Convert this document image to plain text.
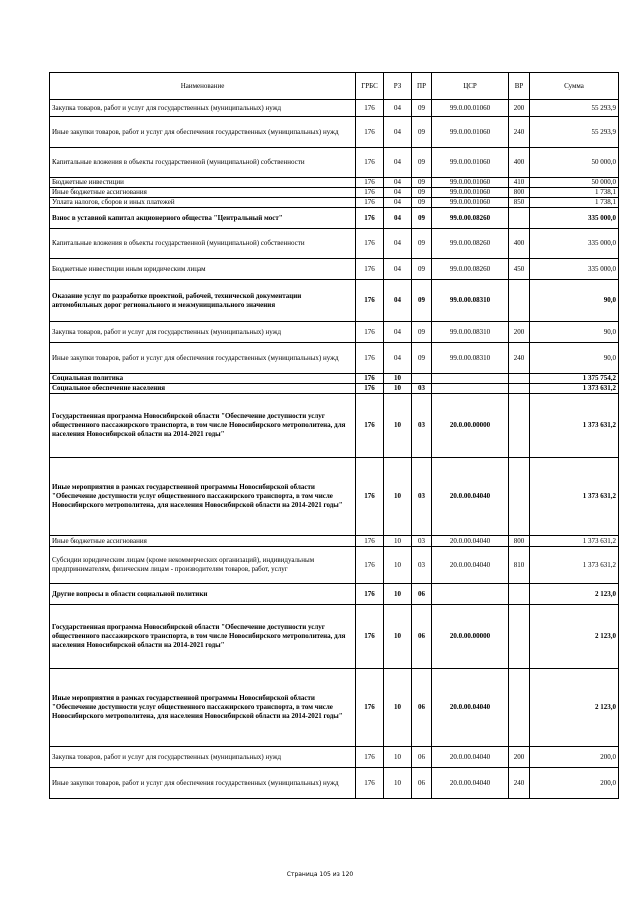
Наименование	ГРБС	РЗ	ПР	ЦСР	ВР	Сумма
Закупка товаров, работ и услуг для государственных (муниципальных) нужд	176	04	09	99.0.00.01060	200	55 293,9
Иные закупки товаров, работ и услуг для обеспечения государственных (муниципальных) нужд	176	04	09	99.0.00.01060	240	55 293,9
Капитальные вложения в объекты государственной (муниципальной) собственности	176	04	09	99.0.00.01060	400	50 000,0
Бюджетные инвестиции	176	04	09	99.0.00.01060	410	50 000,0
Иные бюджетные ассигнования	176	04	09	99.0.00.01060	800	1 738,1
Уплата налогов, сборов и иных платежей	176	04	09	99.0.00.01060	850	1 738,1
Взнос в уставной капитал акционерного общества "Центральный мост"	176	04	09	99.0.00.08260		335 000,0
Капитальные вложения в объекты государственной (муниципальной) собственности	176	04	09	99.0.00.08260	400	335 000,0
Бюджетные инвестиции иным юридическим лицам	176	04	09	99.0.00.08260	450	335 000,0
Оказание услуг по разработке проектной, рабочей, технической документации автомобильных дорог регионального и межмуниципального значения	176	04	09	99.0.00.08310		90,0
Закупка товаров, работ и услуг для государственных (муниципальных) нужд	176	04	09	99.0.00.08310	200	90,0
Иные закупки товаров, работ и услуг для обеспечения государственных (муниципальных) нужд	176	04	09	99.0.00.08310	240	90,0
Социальная политика	176	10				1 375 754,2
Социальное обеспечение населения	176	10	03			1 373 631,2
Государственная программа Новосибирской области "Обеспечение доступности услуг общественного пассажирского транспорта, в том числе Новосибирского метрополитена, для населения Новосибирской области на 2014-2021 годы"	176	10	03	20.0.00.00000		1 373 631,2
Иные мероприятия в рамках государственной программы Новосибирской области "Обеспечение доступности услуг общественного пассажирского транспорта, в том числе Новосибирского метрополитена, для населения Новосибирской области на 2014-2021 годы"	176	10	03	20.0.00.04040		1 373 631,2
Иные бюджетные ассигнования	176	10	03	20.0.00.04040	800	1 373 631,2
Субсидии юридическим лицам (кроме некоммерческих организаций), индивидуальным предпринимателям, физическим лицам - производителям товаров, работ, услуг	176	10	03	20.0.00.04040	810	1 373 631,2
Другие вопросы в области социальной политики	176	10	06			2 123,0
Государственная программа Новосибирской области "Обеспечение доступности услуг общественного пассажирского транспорта, в том числе Новосибирского метрополитена, для населения Новосибирской области на 2014-2021 годы"	176	10	06	20.0.00.00000		2 123,0
Иные мероприятия в рамках государственной программы Новосибирской области "Обеспечение доступности услуг общественного пассажирского транспорта, в том числе Новосибирского метрополитена, для населения Новосибирской области на 2014-2021 годы"	176	10	06	20.0.00.04040		2 123,0
Закупка товаров, работ и услуг для государственных (муниципальных) нужд	176	10	06	20.0.00.04040	200	200,0
Иные закупки товаров, работ и услуг для обеспечения государственных (муниципальных) нужд	176	10	06	20.0.00.04040	240	200,0
Страница 105 из 120
